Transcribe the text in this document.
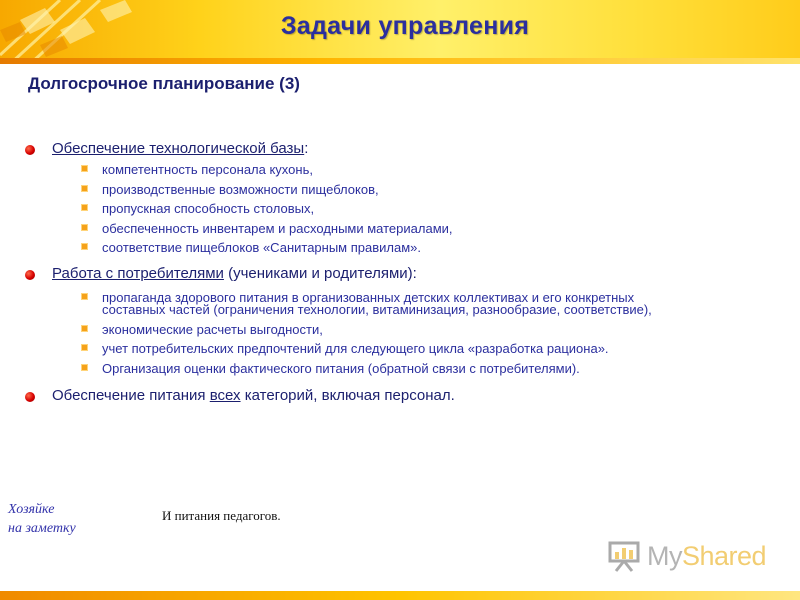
Задачи управления
Долгосрочное планирование (3)
Обеспечение технологической базы:
компетентность персонала кухонь,
производственные возможности пищеблоков,
пропускная способность столовых,
обеспеченность инвентарем и расходными материалами,
соответствие пищеблоков «Санитарным правилам».
Работа с потребителями (учениками и родителями):
пропаганда здорового питания в организованных детских коллективах и его конкретных составных частей (ограничения технологии, витаминизация, разнообразие, соответствие),
экономические расчеты выгодности,
учет потребительских предпочтений для следующего цикла «разработка рациона».
Организация оценки фактического питания (обратной связи с потребителями).
Обеспечение питания всех категорий, включая персонал.
Хозяйке
на заметку
И питания педагогов.
MyShared
